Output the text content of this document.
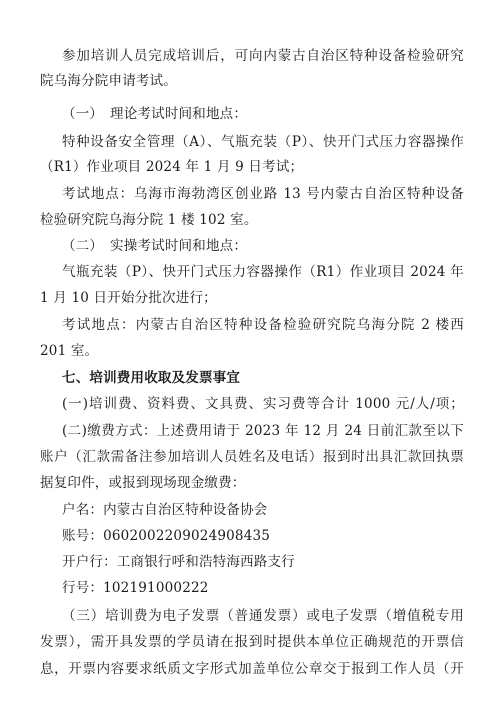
参加培训人员完成培训后，可向内蒙古自治区特种设备检验研究
院乌海分院申请考试。
（一）　理论考试时间和地点：
特种设备安全管理（A）、气瓶充装（P）、快开门式压力容器操作
（R1）作业项目 2024 年 1 月 9 日考试；
考试地点：乌海市海勃湾区创业路 13 号内蒙古自治区特种设备
检验研究院乌海分院 1 楼 102 室。
（二）　实操考试时间和地点：
气瓶充装（P）、快开门式压力容器操作（R1）作业项目 2024 年
1 月 10 日开始分批次进行；
考试地点：内蒙古自治区特种设备检验研究院乌海分院 2 楼西
201 室。
七、培训费用收取及发票事宜
(一)培训费、资料费、文具费、实习费等合计 1000 元/人/项；
(二)缴费方式：上述费用请于 2023 年 12 月 24 日前汇款至以下
账户（汇款需备注参加培训人员姓名及电话）报到时出具汇款回执票
据复印件，或报到现场现金缴费：
户名：内蒙古自治区特种设备协会
账号：0602002209024908435
开户行：工商银行呼和浩特海西路支行
行号：102191000222
（三）培训费为电子发票（普通发票）或电子发票（增值税专用
发票），需开具发票的学员请在报到时提供本单位正确规范的开票信
息，开票内容要求纸质文字形式加盖单位公章交于报到工作人员（开
